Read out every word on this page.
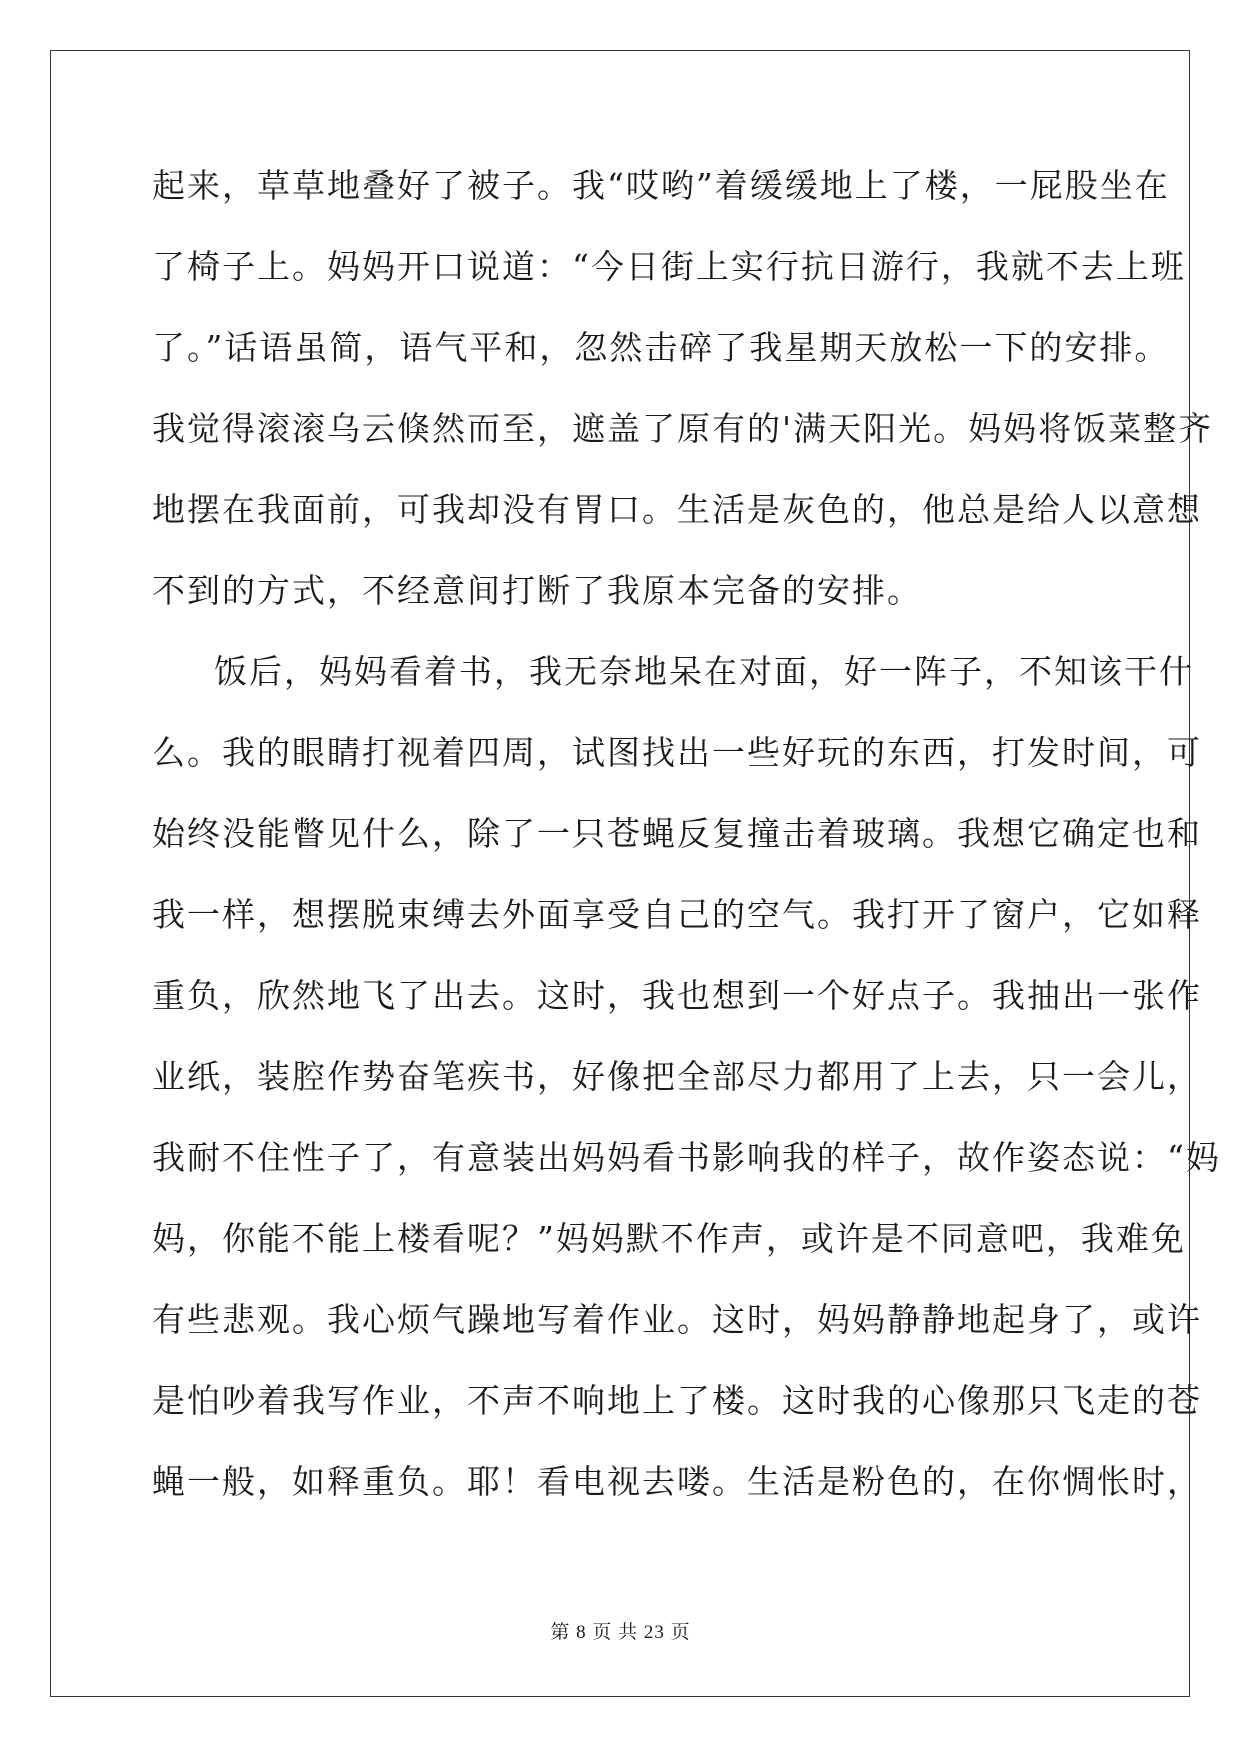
起来，草草地叠好了被子。我“哎哟”着缓缓地上了楼，一屁股坐在
了椅子上。妈妈开口说道：“今日街上实行抗日游行，我就不去上班
了。”话语虽简，语气平和，忽然击碎了我星期天放松一下的安排。
我觉得滚滚乌云倏然而至，遮盖了原有的'满天阳光。妈妈将饭菜整齐
地摆在我面前，可我却没有胃口。生活是灰色的，他总是给人以意想
不到的方式，不经意间打断了我原本完备的安排。
饭后，妈妈看着书，我无奈地呆在对面，好一阵子，不知该干什
么。我的眼睛打视着四周，试图找出一些好玩的东西，打发时间，可
始终没能瞥见什么，除了一只苍蝇反复撞击着玻璃。我想它确定也和
我一样，想摆脱束缚去外面享受自己的空气。我打开了窗户，它如释
重负，欣然地飞了出去。这时，我也想到一个好点子。我抽出一张作
业纸，装腔作势奋笔疾书，好像把全部尽力都用了上去，只一会儿，
我耐不住性子了，有意装出妈妈看书影响我的样子，故作姿态说：“妈
妈，你能不能上楼看呢？”妈妈默不作声，或许是不同意吧，我难免
有些悲观。我心烦气躁地写着作业。这时，妈妈静静地起身了，或许
是怕吵着我写作业，不声不响地上了楼。这时我的心像那只飞走的苍
蝇一般，如释重负。耶！看电视去喽。生活是粉色的，在你惆怅时，
第 8 页 共 23 页
